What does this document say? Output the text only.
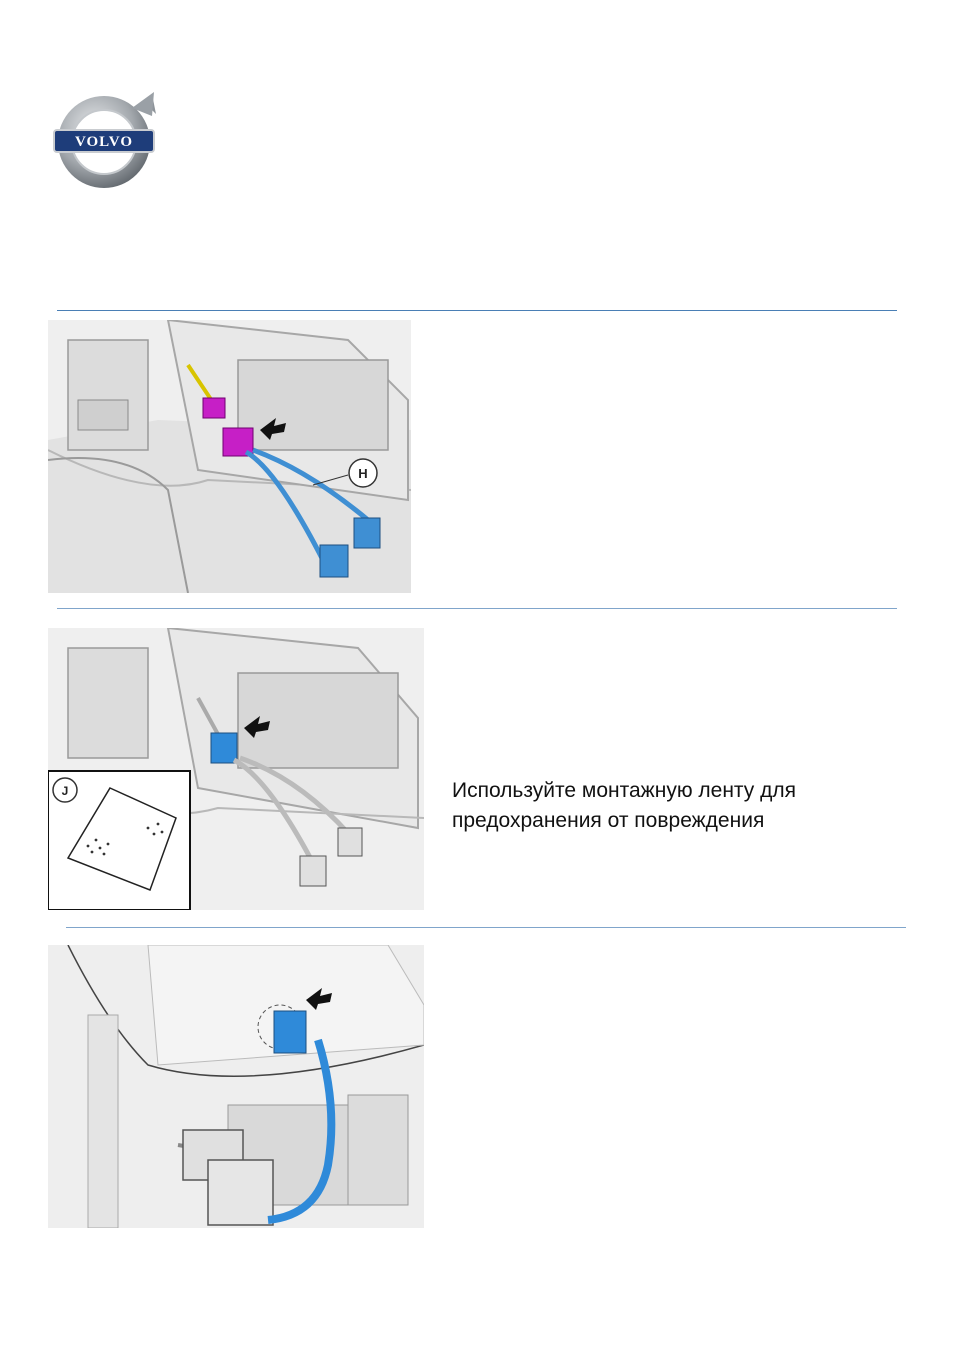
VOLVO
H
J	Используйте монтажную ленту для
предохранения от повреждения
